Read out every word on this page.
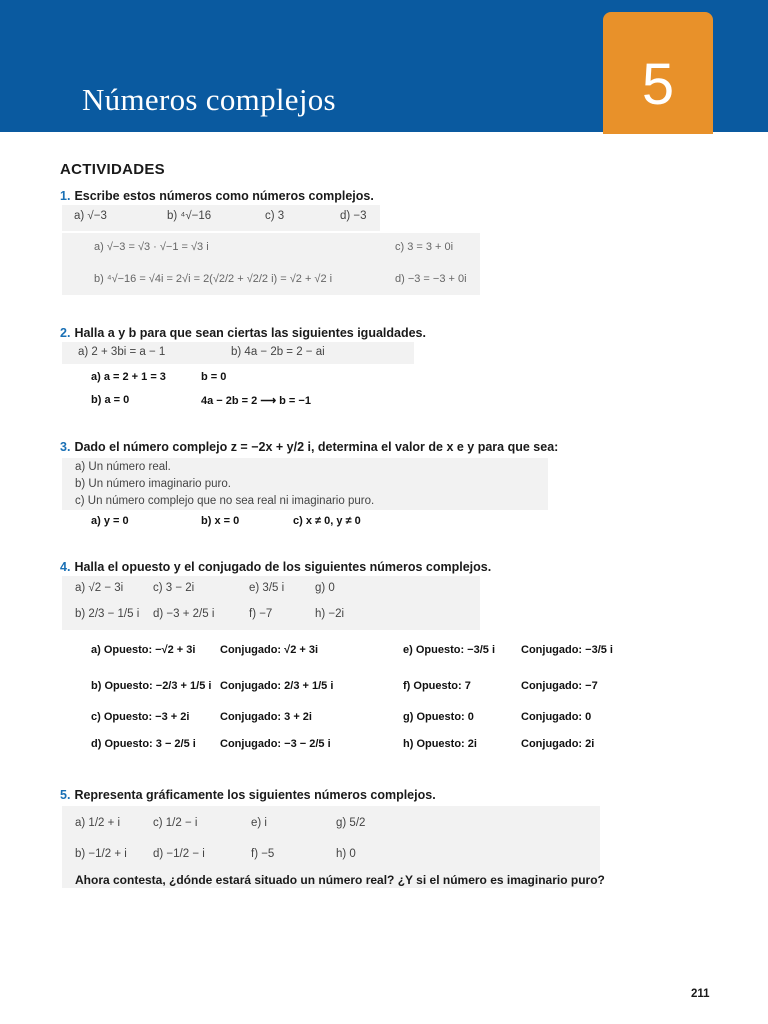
Números complejos	5
ACTIVIDADES
1. Escribe estos números como números complejos.
a) √−3	b) ⁴√−16	c) 3	d) −3
a) √−3 = √3 · √−1 = √3 i	c) 3 = 3 + 0i
b) ⁴√−16 = √4i = 2√i = 2(√2/2 + √2/2 i) = √2 + √2 i	d) −3 = −3 + 0i
2. Halla a y b para que sean ciertas las siguientes igualdades.
a) 2 + 3bi = a − 1	b) 4a − 2b = 2 − ai
a) a = 2 + 1 = 3	b = 0
b) a = 0	4a − 2b = 2 ⟶ b = −1
3. Dado el número complejo z = −2x + y/2 i, determina el valor de x e y para que sea:
a) Un número real.
b) Un número imaginario puro.
c) Un número complejo que no sea real ni imaginario puro.
a) y = 0	b) x = 0	c) x ≠ 0, y ≠ 0
4. Halla el opuesto y el conjugado de los siguientes números complejos.
a) √2 − 3i	c) 3 − 2i	e) 3/5 i	g) 0
b) 2/3 − 1/5 i d) −3 + 2/5 i	f) −7	h) −2i
a) Opuesto: −√2 + 3i Conjugado: √2 + 3i	e) Opuesto: −3/5 i Conjugado: −3/5 i
b) Opuesto: −2/3 + 1/5 i Conjugado: 2/3 + 1/5 i	f) Opuesto: 7	Conjugado: −7
c) Opuesto: −3 + 2i	Conjugado: 3 + 2i	g) Opuesto: 0	Conjugado: 0
d) Opuesto: 3 − 2/5 i Conjugado: −3 − 2/5 i	h) Opuesto: 2i	Conjugado: 2i
5. Representa gráficamente los siguientes números complejos.
a) 1/2 + i	c) 1/2 − i	e) i	g) 5/2
b) −1/2 + i d) −1/2 − i	f) −5	h) 0
Ahora contesta, ¿dónde estará situado un número real? ¿Y si el número es imaginario puro?
211
